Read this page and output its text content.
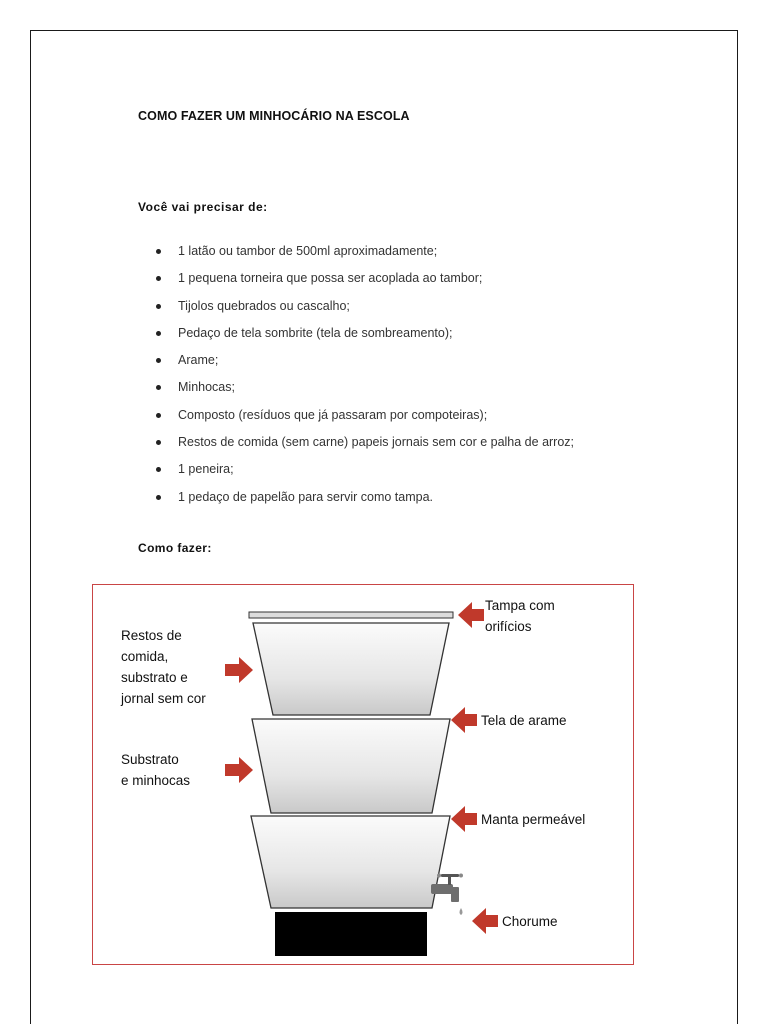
COMO FAZER UM MINHOCÁRIO NA ESCOLA
Você vai precisar de:
1 latão ou tambor de 500ml aproximadamente;
1 pequena torneira que possa ser acoplada ao tambor;
Tijolos quebrados ou cascalho;
Pedaço de tela sombrite (tela de sombreamento);
Arame;
Minhocas;
Composto (resíduos que já passaram por compoteiras);
Restos de comida (sem carne) papeis jornais sem cor e palha de arroz;
1 peneira;
1 pedaço de papelão para servir como tampa.
Como fazer:
Restos de
comida,
substrato e
jornal sem cor
Substrato
e minhocas
Tampa com
orifícios
Tela de arame
Manta permeável
Chorume
